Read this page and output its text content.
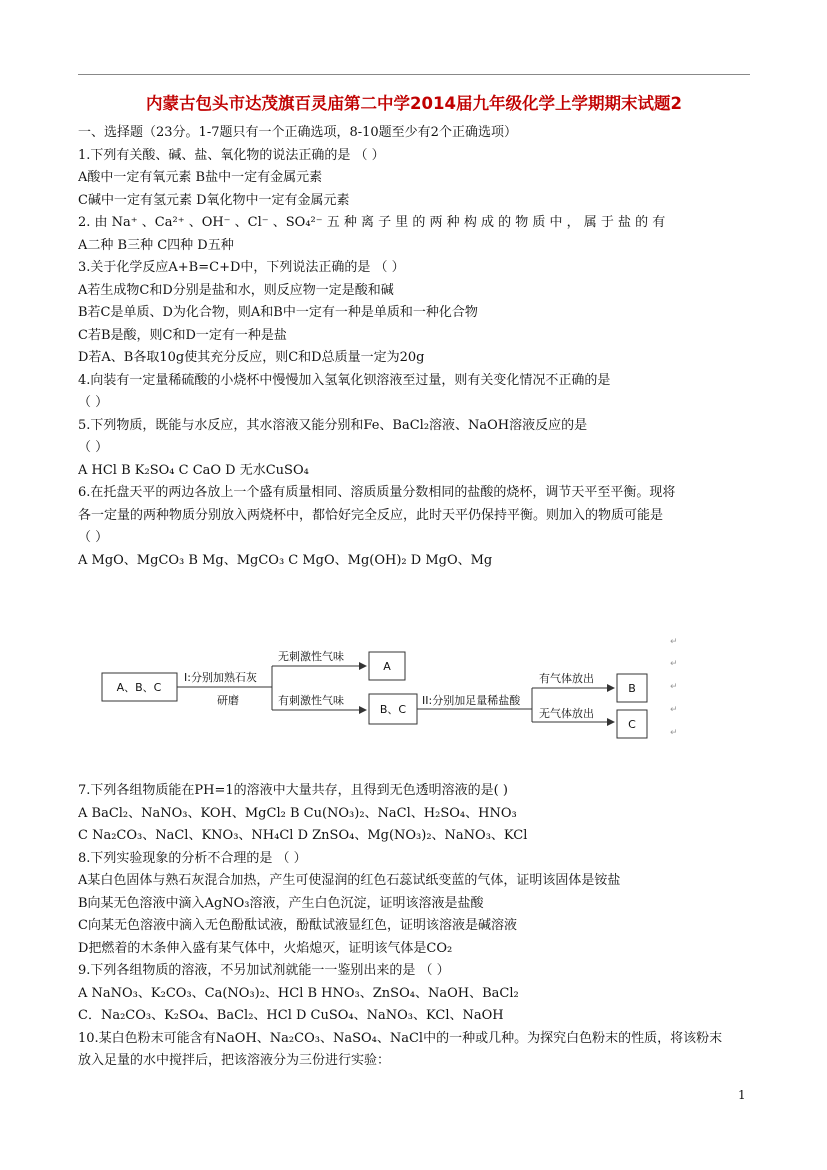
内蒙古包头市达茂旗百灵庙第二中学2014届九年级化学上学期期末试题2
一、选择题（23分。1-7题只有一个正确选项，8-10题至少有2个正确选项）
1.下列有关酸、碱、盐、氧化物的说法正确的是 （ ）
A酸中一定有氧元素 B盐中一定有金属元素
C碱中一定有氢元素 D氧化物中一定有金属元素
2. 由 Na⁺ 、Ca²⁺ 、OH⁻ 、Cl⁻ 、SO₄²⁻ 五 种 离 子 里 的 两 种 构 成 的 物 质 中 ， 属 于 盐 的 有
A二种 B三种 C四种 D五种
3.关于化学反应A+B=C+D中，下列说法正确的是 （ ）
A若生成物C和D分别是盐和水，则反应物一定是酸和碱
B若C是单质、D为化合物，则A和B中一定有一种是单质和一种化合物
C若B是酸，则C和D一定有一种是盐
D若A、B各取10g使其充分反应，则C和D总质量一定为20g
4.向装有一定量稀硫酸的小烧杯中慢慢加入氢氧化钡溶液至过量，则有关变化情况不正确的是
（ ）
5.下列物质，既能与水反应，其水溶液又能分别和Fe、BaCl₂溶液、NaOH溶液反应的是
（ ）
A HCl B K₂SO₄ C CaO D 无水CuSO₄
6.在托盘天平的两边各放上一个盛有质量相同、溶质质量分数相同的盐酸的烧杯，调节天平至平衡。现将
各一定量的两种物质分别放入两烧杯中，都恰好完全反应，此时天平仍保持平衡。则加入的物质可能是
（ ）
A MgO、MgCO₃ B Mg、MgCO₃ C MgO、Mg(OH)₂ D MgO、Mg
A、B、C
I:分别加熟石灰
研磨
无刺激性气味
有刺激性气味
A
B、C
II:分别加足量稀盐酸
有气体放出
无气体放出
B
C
↵
↵
↵
↵
↵
7.下列各组物质能在PH=1的溶液中大量共存，且得到无色透明溶液的是( )
A BaCl₂、NaNO₃、KOH、MgCl₂ B Cu(NO₃)₂、NaCl、H₂SO₄、HNO₃
C Na₂CO₃、NaCl、KNO₃、NH₄Cl D ZnSO₄、Mg(NO₃)₂、NaNO₃、KCl
8.下列实验现象的分析不合理的是 （ ）
A某白色固体与熟石灰混合加热，产生可使湿润的红色石蕊试纸变蓝的气体，证明该固体是铵盐
B向某无色溶液中滴入AgNO₃溶液，产生白色沉淀，证明该溶液是盐酸
C向某无色溶液中滴入无色酚酞试液，酚酞试液显红色，证明该溶液是碱溶液
D把燃着的木条伸入盛有某气体中，火焰熄灭，证明该气体是CO₂
9.下列各组物质的溶液，不另加试剂就能一一鉴别出来的是 （ ）
A NaNO₃、K₂CO₃、Ca(NO₃)₂、HCl B HNO₃、ZnSO₄、NaOH、BaCl₂
C．Na₂CO₃、K₂SO₄、BaCl₂、HCl D CuSO₄、NaNO₃、KCl、NaOH
10.某白色粉末可能含有NaOH、Na₂CO₃、NaSO₄、NaCl中的一种或几种。为探究白色粉末的性质，将该粉末
放入足量的水中搅拌后，把该溶液分为三份进行实验：
1
